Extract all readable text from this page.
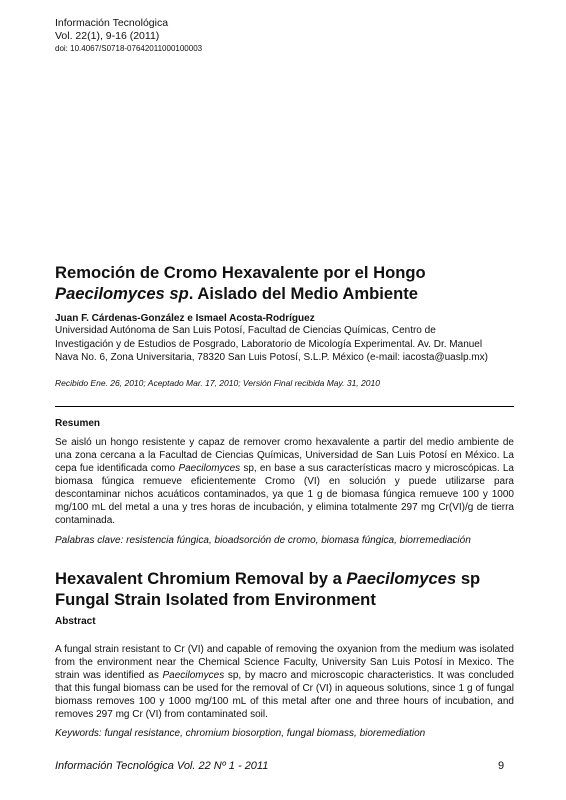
Información Tecnológica
Vol. 22(1), 9-16 (2011)
doi: 10.4067/S0718-07642011000100003
Remoción de Cromo Hexavalente por el Hongo
Paecilomyces sp. Aislado del Medio Ambiente
Juan F. Cárdenas-González e Ismael Acosta-Rodríguez
Universidad Autónoma de San Luis Potosí, Facultad de Ciencias Químicas, Centro de
Investigación y de Estudios de Posgrado, Laboratorio de Micología Experimental. Av. Dr. Manuel
Nava No. 6, Zona Universitaria, 78320 San Luis Potosí, S.L.P. México (e-mail: iacosta@uaslp.mx)
Recibido Ene. 26, 2010; Aceptado Mar. 17, 2010; Versión Final recibida May. 31, 2010
Resumen
Se aisló un hongo resistente y capaz de remover cromo hexavalente a partir del medio ambiente de una zona cercana a la Facultad de Ciencias Químicas, Universidad de San Luis Potosí en México. La cepa fue identificada como Paecilomyces sp, en base a sus características macro y microscópicas. La biomasa fúngica remueve eficientemente Cromo (VI) en solución y puede utilizarse para descontaminar nichos acuáticos contaminados, ya que 1 g de biomasa fúngica remueve 100 y 1000 mg/100 mL del metal a una y tres horas de incubación, y elimina totalmente 297 mg Cr(VI)/g de tierra contaminada.
Palabras clave: resistencia fúngica, bioadsorción de cromo, biomasa fúngica, biorremediación
Hexavalent Chromium Removal by a Paecilomyces sp
Fungal Strain Isolated from Environment
Abstract
A fungal strain resistant to Cr (VI) and capable of removing the oxyanion from the medium was isolated from the environment near the Chemical Science Faculty, University San Luis Potosí in Mexico. The strain was identified as Paecilomyces sp, by macro and microscopic characteristics. It was concluded that this fungal biomass can be used for the removal of Cr (VI) in aqueous solutions, since 1 g of fungal biomass removes 100 y 1000 mg/100 mL of this metal after one and three hours of incubation, and removes 297 mg Cr (VI) from contaminated soil.
Keywords: fungal resistance, chromium biosorption, fungal biomass, bioremediation
Información Tecnológica Vol. 22 Nº 1 - 2011	9
